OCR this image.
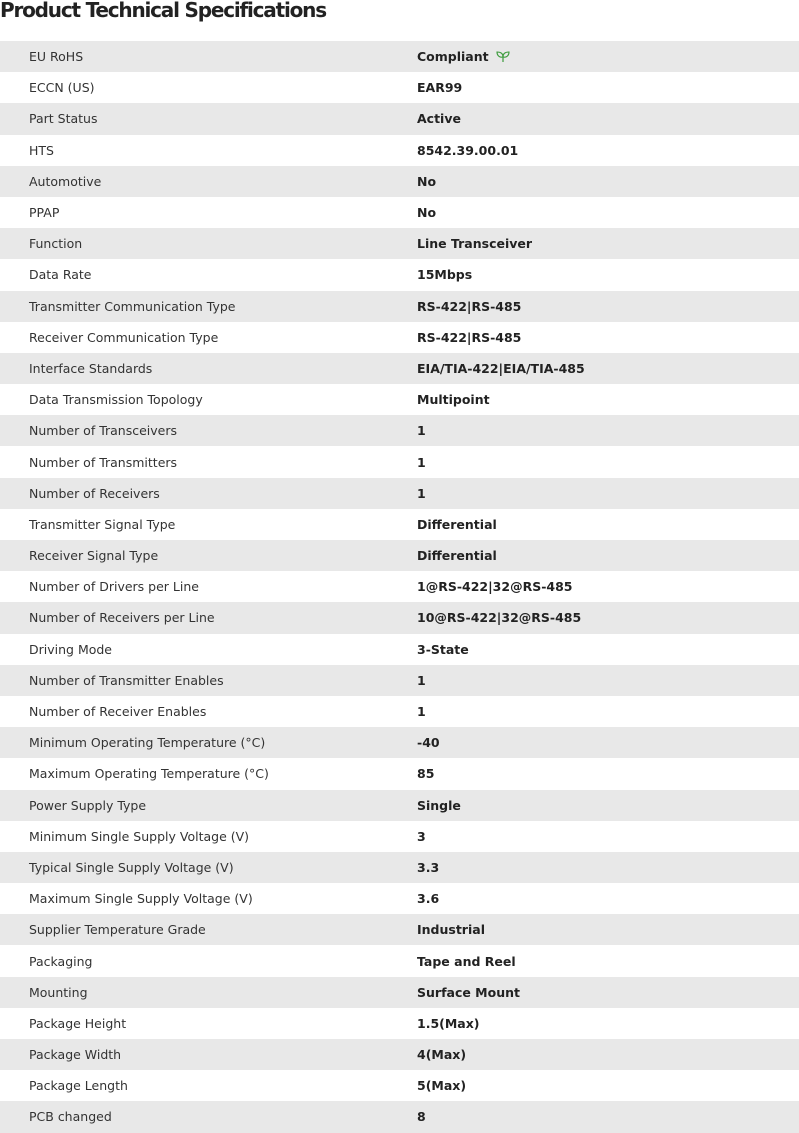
Product Technical Specifications
EU RoHS	Compliant
ECCN (US)	EAR99
Part Status	Active
HTS	8542.39.00.01
Automotive	No
PPAP	No
Function	Line Transceiver
Data Rate	15Mbps
Transmitter Communication Type	RS-422|RS-485
Receiver Communication Type	RS-422|RS-485
Interface Standards	EIA/TIA-422|EIA/TIA-485
Data Transmission Topology	Multipoint
Number of Transceivers	1
Number of Transmitters	1
Number of Receivers	1
Transmitter Signal Type	Differential
Receiver Signal Type	Differential
Number of Drivers per Line	1@RS-422|32@RS-485
Number of Receivers per Line	10@RS-422|32@RS-485
Driving Mode	3-State
Number of Transmitter Enables	1
Number of Receiver Enables	1
Minimum Operating Temperature (°C)	-40
Maximum Operating Temperature (°C)	85
Power Supply Type	Single
Minimum Single Supply Voltage (V)	3
Typical Single Supply Voltage (V)	3.3
Maximum Single Supply Voltage (V)	3.6
Supplier Temperature Grade	Industrial
Packaging	Tape and Reel
Mounting	Surface Mount
Package Height	1.5(Max)
Package Width	4(Max)
Package Length	5(Max)
PCB changed	8
